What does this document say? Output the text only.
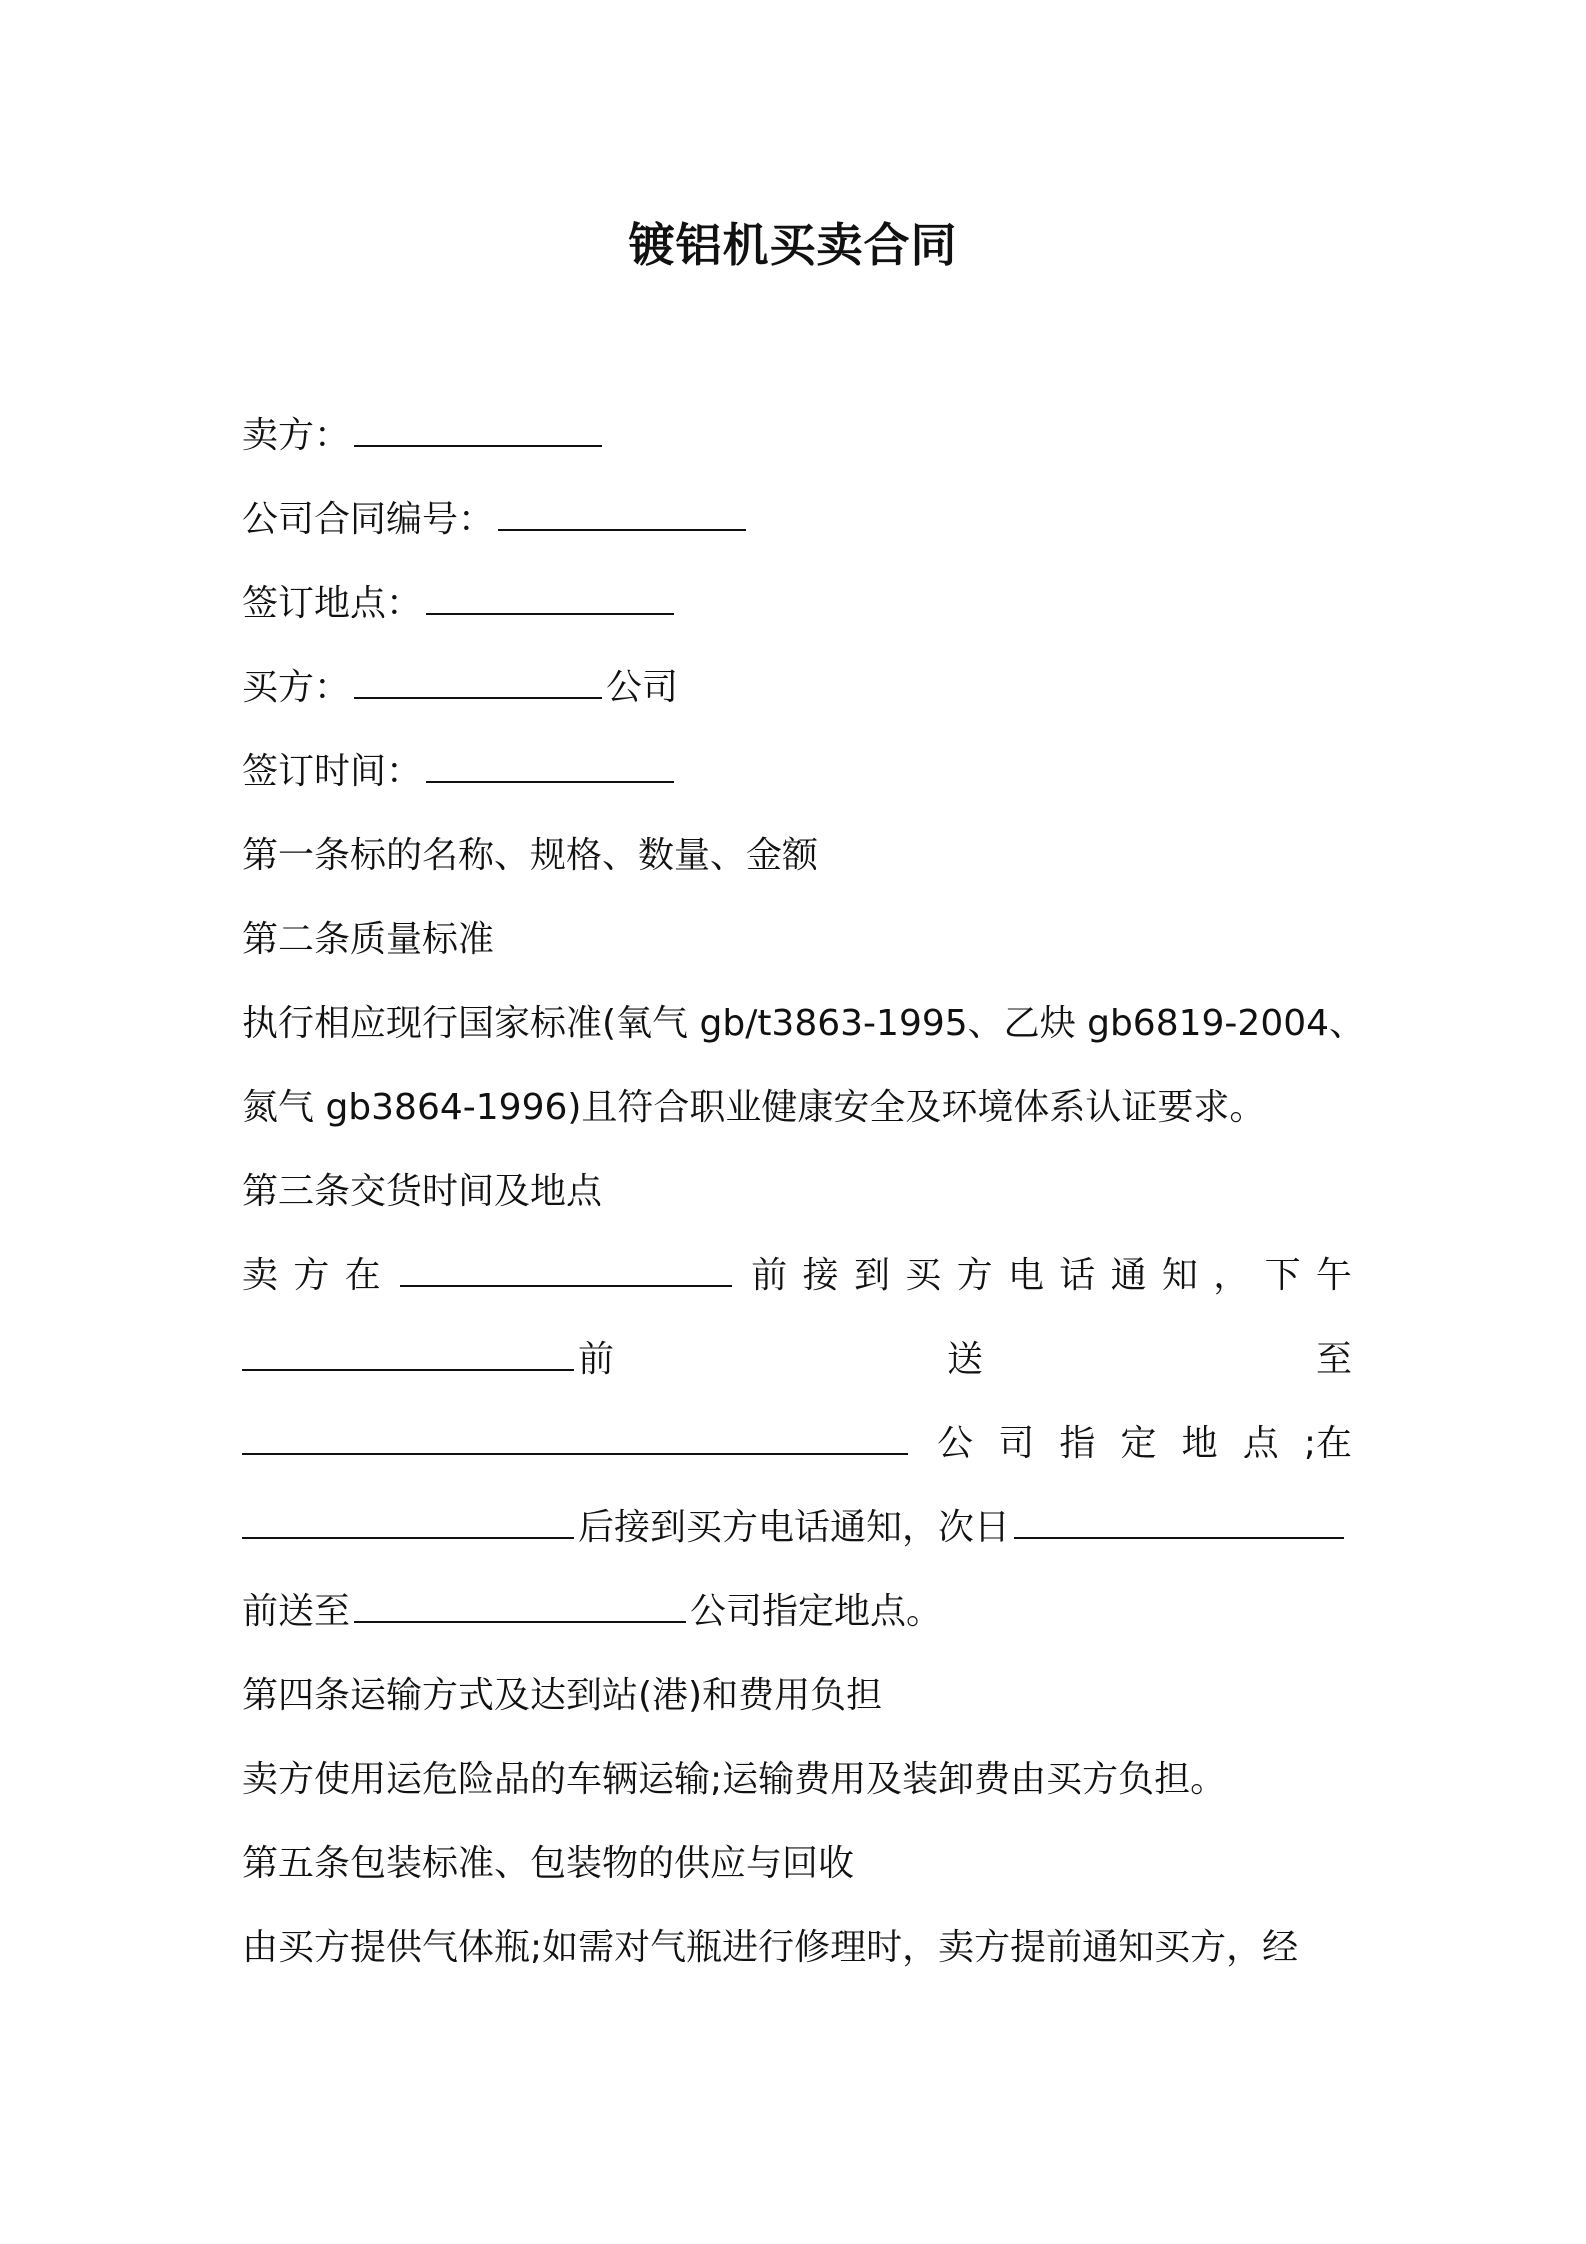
镀铝机买卖合同
卖方：
公司合同编号：
签订地点：
买方：	公司
签订时间：
第一条标的名称、规格、数量、金额
第二条质量标准
执行相应现行国家标准(氧气 gb/t3863-1995、乙炔 gb6819-2004、
氮气 gb3864-1996)且符合职业健康安全及环境体系认证要求。
第三条交货时间及地点
卖 方 在	前 接 到 买 方 电 话 通 知 ， 下 午
前	送	至
公 司 指 定 地 点 ;在
后接到买方电话通知，次日
前送至	公司指定地点。
第四条运输方式及达到站(港)和费用负担
卖方使用运危险品的车辆运输;运输费用及装卸费由买方负担。
第五条包装标准、包装物的供应与回收
由买方提供气体瓶;如需对气瓶进行修理时，卖方提前通知买方，经
